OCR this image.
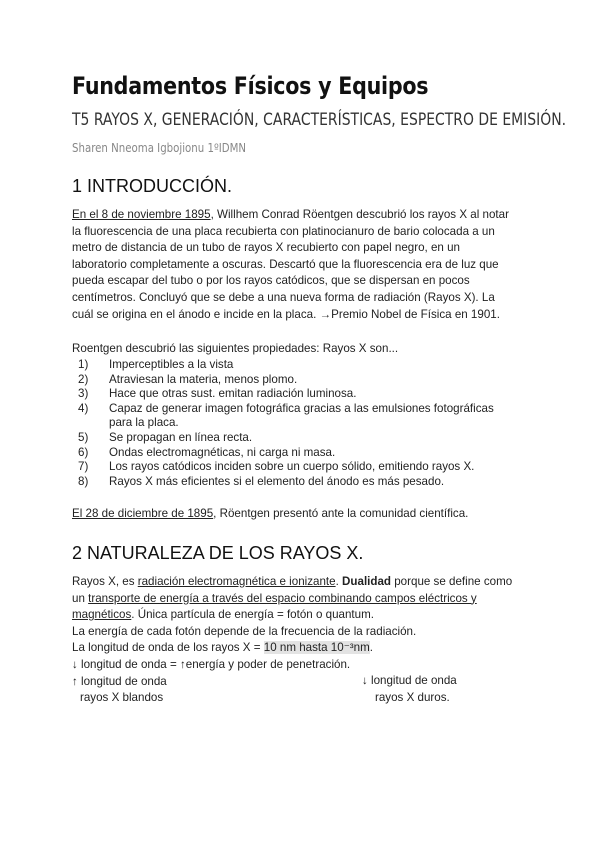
Fundamentos Físicos y Equipos
T5 RAYOS X, GENERACIÓN, CARACTERÍSTICAS, ESPECTRO DE EMISIÓN.
Sharen Nneoma Igbojionu 1ºIDMN
1 INTRODUCCIÓN.
En el 8 de noviembre 1895, Willhem Conrad Röentgen descubrió los rayos X al notar
la fluorescencia de una placa recubierta con platinocianuro de bario colocada a un
metro de distancia de un tubo de rayos X recubierto con papel negro, en un
laboratorio completamente a oscuras. Descartó que la fluorescencia era de luz que
pueda escapar del tubo o por los rayos catódicos, que se dispersan en pocos
centímetros. Concluyó que se debe a una nueva forma de radiación (Rayos X). La
cuál se origina en el ánodo e incide en la placa. →Premio Nobel de Física en 1901.
Roentgen descubrió las siguientes propiedades: Rayos X son...
1) Imperceptibles a la vista
2) Atraviesan la materia, menos plomo.
3) Hace que otras sust. emitan radiación luminosa.
4) Capaz de generar imagen fotográfica gracias a las emulsiones fotográficas
para la placa.
5) Se propagan en línea recta.
6) Ondas electromagnéticas, ni carga ni masa.
7) Los rayos catódicos inciden sobre un cuerpo sólido, emitiendo rayos X.
8) Rayos X más eficientes si el elemento del ánodo es más pesado.
El 28 de diciembre de 1895, Röentgen presentó ante la comunidad científica.
2 NATURALEZA DE LOS RAYOS X.
Rayos X, es radiación electromagnética e ionizante. Dualidad porque se define como
un transporte de energía a través del espacio combinando campos eléctricos y
magnéticos. Única partícula de energía = fotón o quantum.
La energía de cada fotón depende de la frecuencia de la radiación.
La longitud de onda de los rayos X = 10 nm hasta 10⁻³nm.
↓ longitud de onda = ↑energía y poder de penetración.
↑ longitud de onda
rayos X blandos
↓ longitud de onda
rayos X duros.
